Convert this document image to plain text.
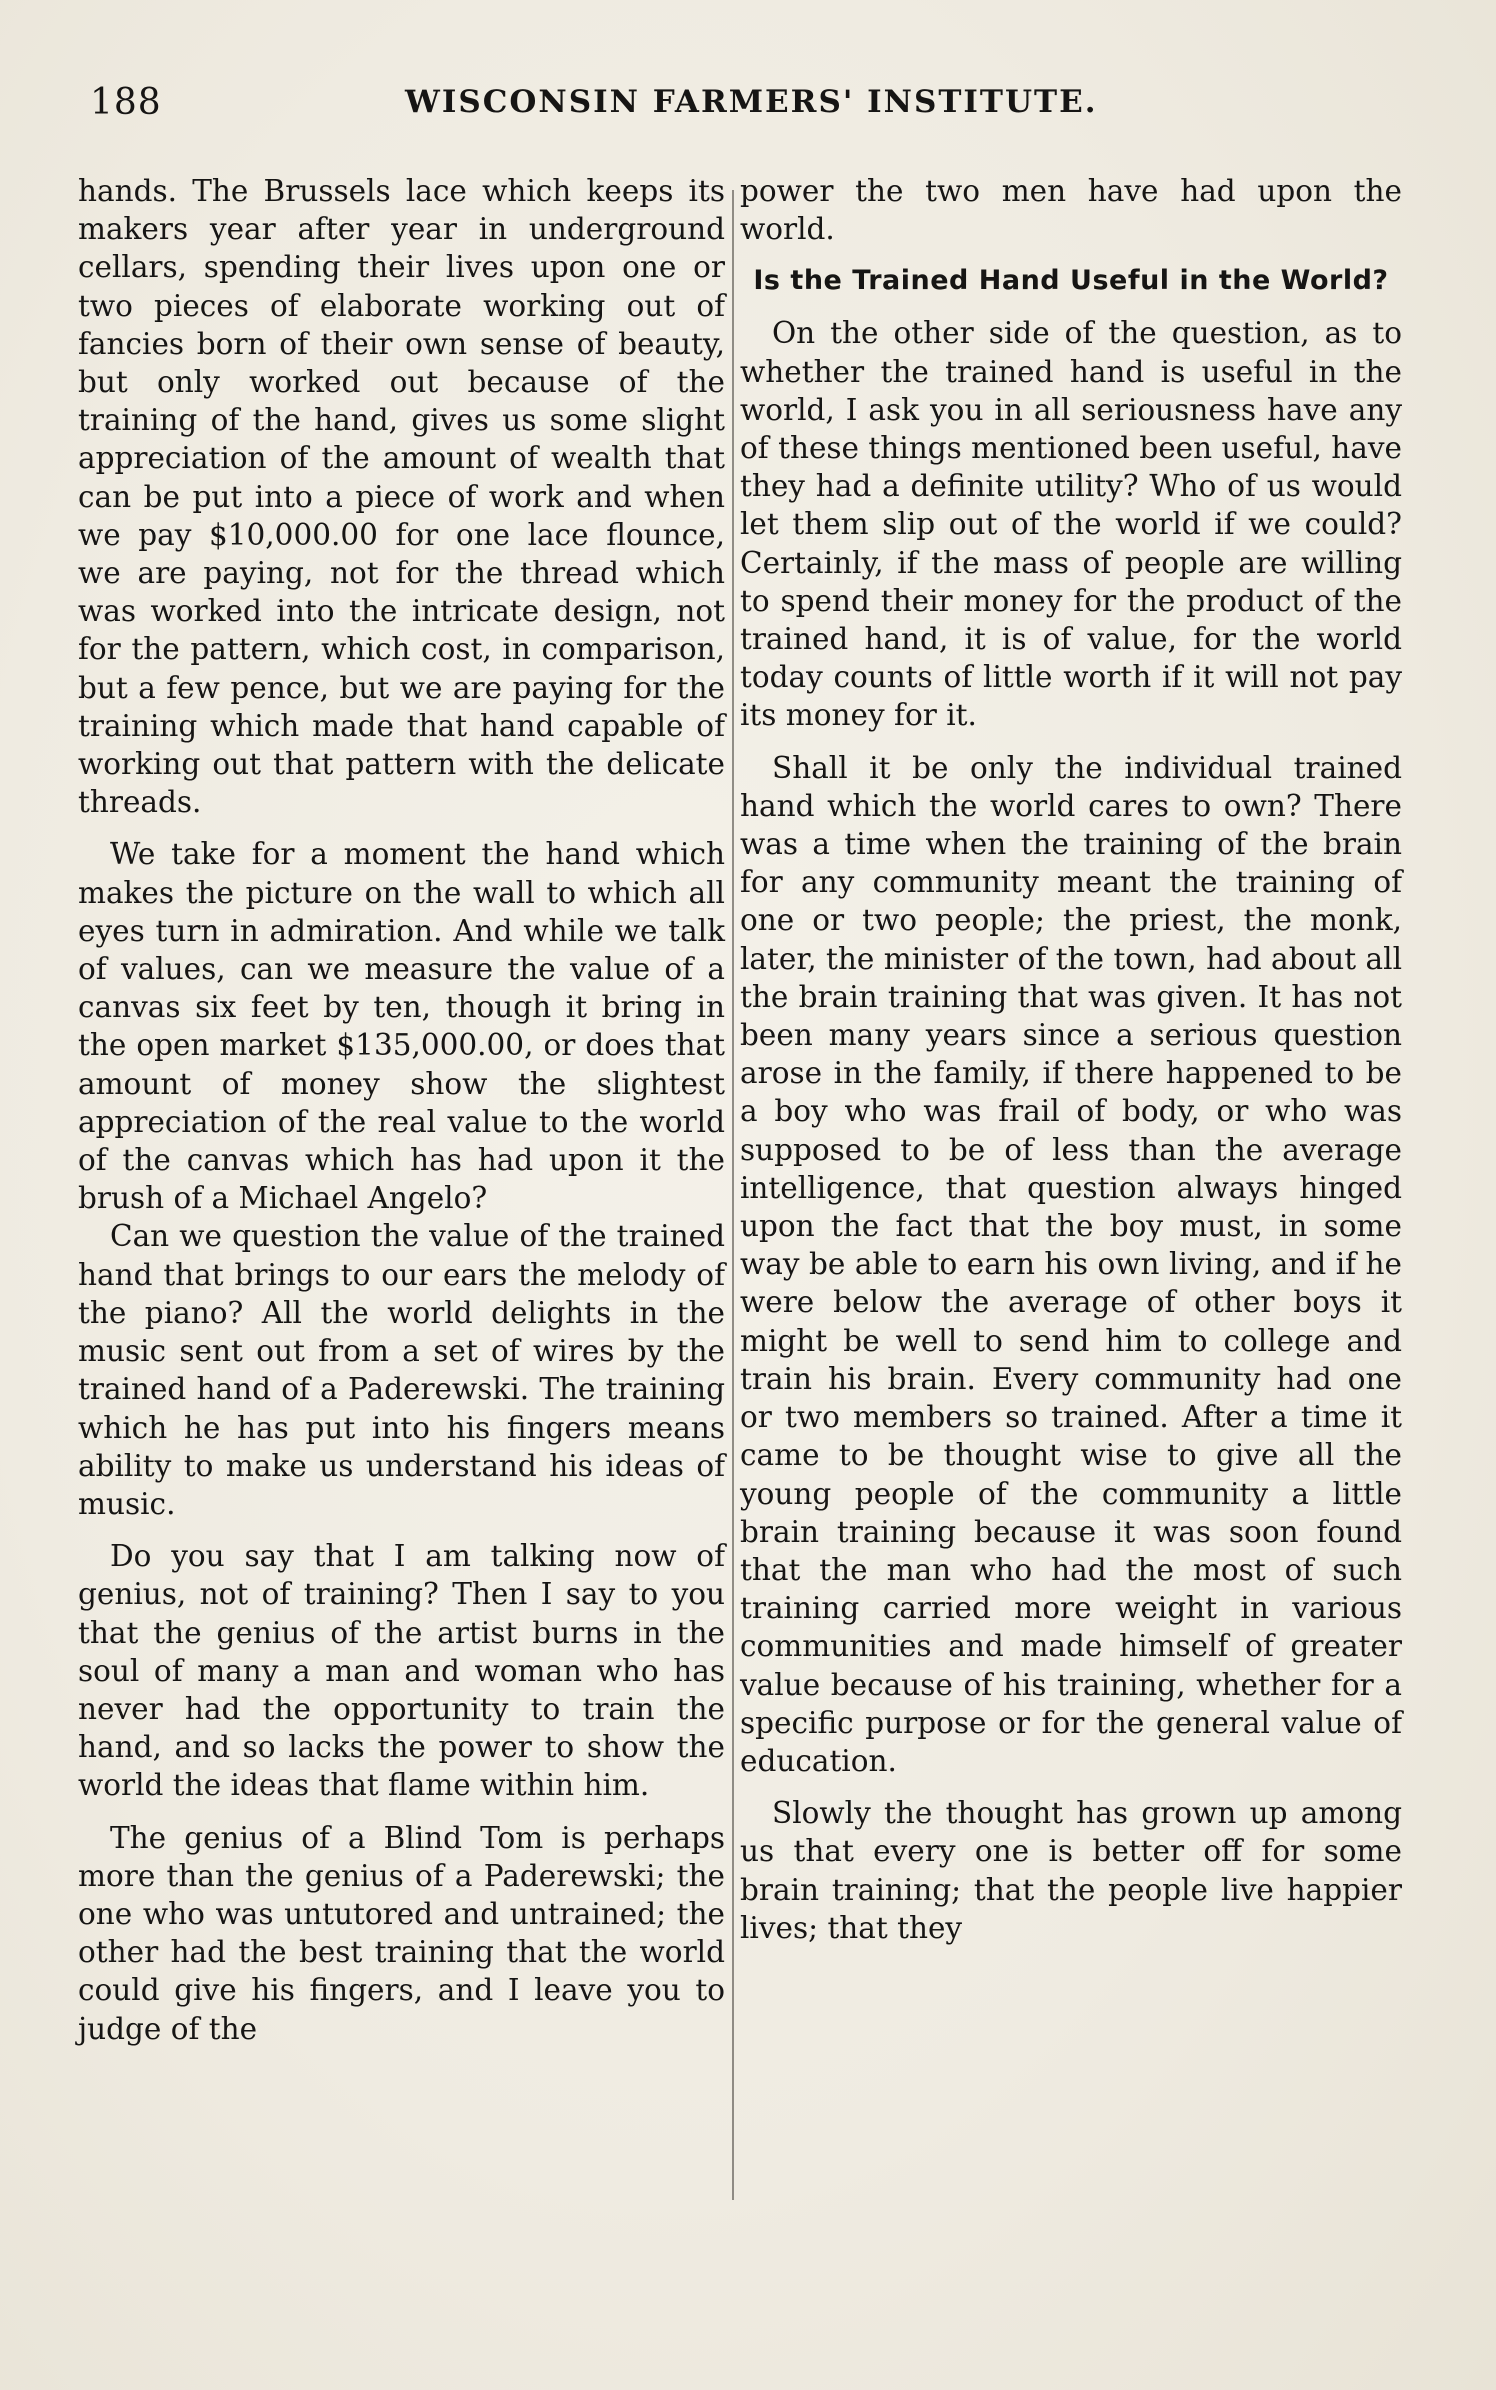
188	WISCONSIN FARMERS' INSTITUTE.

hands. The Brussels lace which keeps its makers year after year in underground cellars, spending their lives upon one or two pieces of elaborate working out of fancies born of their own sense of beauty, but only worked out because of the training of the hand, gives us some slight appreciation of the amount of wealth that can be put into a piece of work and when we pay $10,000.00 for one lace flounce, we are paying, not for the thread which was worked into the intricate design, not for the pattern, which cost, in comparison, but a few pence, but we are paying for the training which made that hand capable of working out that pattern with the delicate threads.

We take for a moment the hand which makes the picture on the wall to which all eyes turn in admiration. And while we talk of values, can we measure the value of a canvas six feet by ten, though it bring in the open market $135,000.00, or does that amount of money show the slightest appreciation of the real value to the world of the canvas which has had upon it the brush of a Michael Angelo?

Can we question the value of the trained hand that brings to our ears the melody of the piano? All the world delights in the music sent out from a set of wires by the trained hand of a Paderewski. The training which he has put into his fingers means ability to make us understand his ideas of music.

Do you say that I am talking now of genius, not of training? Then I say to you that the genius of the artist burns in the soul of many a man and woman who has never had the opportunity to train the hand, and so lacks the power to show the world the ideas that flame within him.

The genius of a Blind Tom is perhaps more than the genius of a Paderewski; the one who was untutored and untrained; the other had the best training that the world could give his fingers, and I leave you to judge of the

power the two men have had upon the world.

Is the Trained Hand Useful in the World?

On the other side of the question, as to whether the trained hand is useful in the world, I ask you in all seriousness have any of these things mentioned been useful, have they had a definite utility? Who of us would let them slip out of the world if we could? Certainly, if the mass of people are willing to spend their money for the product of the trained hand, it is of value, for the world today counts of little worth if it will not pay its money for it.

Shall it be only the individual trained hand which the world cares to own? There was a time when the training of the brain for any community meant the training of one or two people; the priest, the monk, later, the minister of the town, had about all the brain training that was given. It has not been many years since a serious question arose in the family, if there happened to be a boy who was frail of body, or who was supposed to be of less than the average intelligence, that question always hinged upon the fact that the boy must, in some way be able to earn his own living, and if he were below the average of other boys it might be well to send him to college and train his brain. Every community had one or two members so trained. After a time it came to be thought wise to give all the young people of the community a little brain training because it was soon found that the man who had the most of such training carried more weight in various communities and made himself of greater value because of his training, whether for a specific purpose or for the general value of education.

Slowly the thought has grown up among us that every one is better off for some brain training; that the people live happier lives; that they
